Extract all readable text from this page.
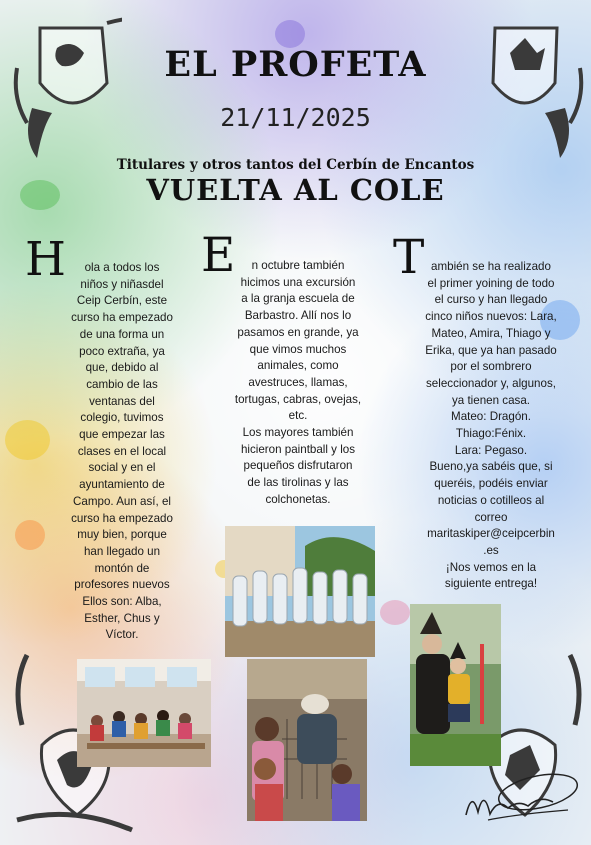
EL PROFETA
21/11/2025
Titulares y otros tantos del Cerbín de Encantos
VUELTA AL COLE
H	ola a todos los
niños y niñasdel
Ceip Cerbín, este
curso ha empezado
de una forma un
poco extraña, ya
que, debido al
cambio de las
ventanas del
colegio, tuvimos
que empezar las
clases en el local
social y en el
ayuntamiento de
Campo. Aun así, el
curso ha empezado
muy bien, porque
han llegado un
montón de
profesores nuevos
Ellos son: Alba,
Esther, Chus y
Víctor.
E	n octubre también
hicimos una excursión
a la granja escuela de
Barbastro. Allí nos lo
pasamos en grande, ya
que vimos muchos
animales, como
avestruces, llamas,
tortugas, cabras, ovejas,
etc.
Los mayores también
hicieron paintball y los
pequeños disfrutaron
de las tirolinas y las
colchonetas.
T ambién se ha realizado
el primer yoining de todo
el curso y han llegado
cinco niños nuevos: Lara,
Mateo, Amira, Thiago y
Erika, que ya han pasado
por el sombrero
seleccionador y, algunos,
ya tienen casa.
Mateo: Dragón.
Thiago:Fénix.
Lara: Pegaso.
Bueno,ya sabéis que, si
queréis, podéis enviar
noticias o cotilleos al
correo
maritaskiper@ceipcerbin
.es
¡Nos vemos en la
siguiente entrega!
